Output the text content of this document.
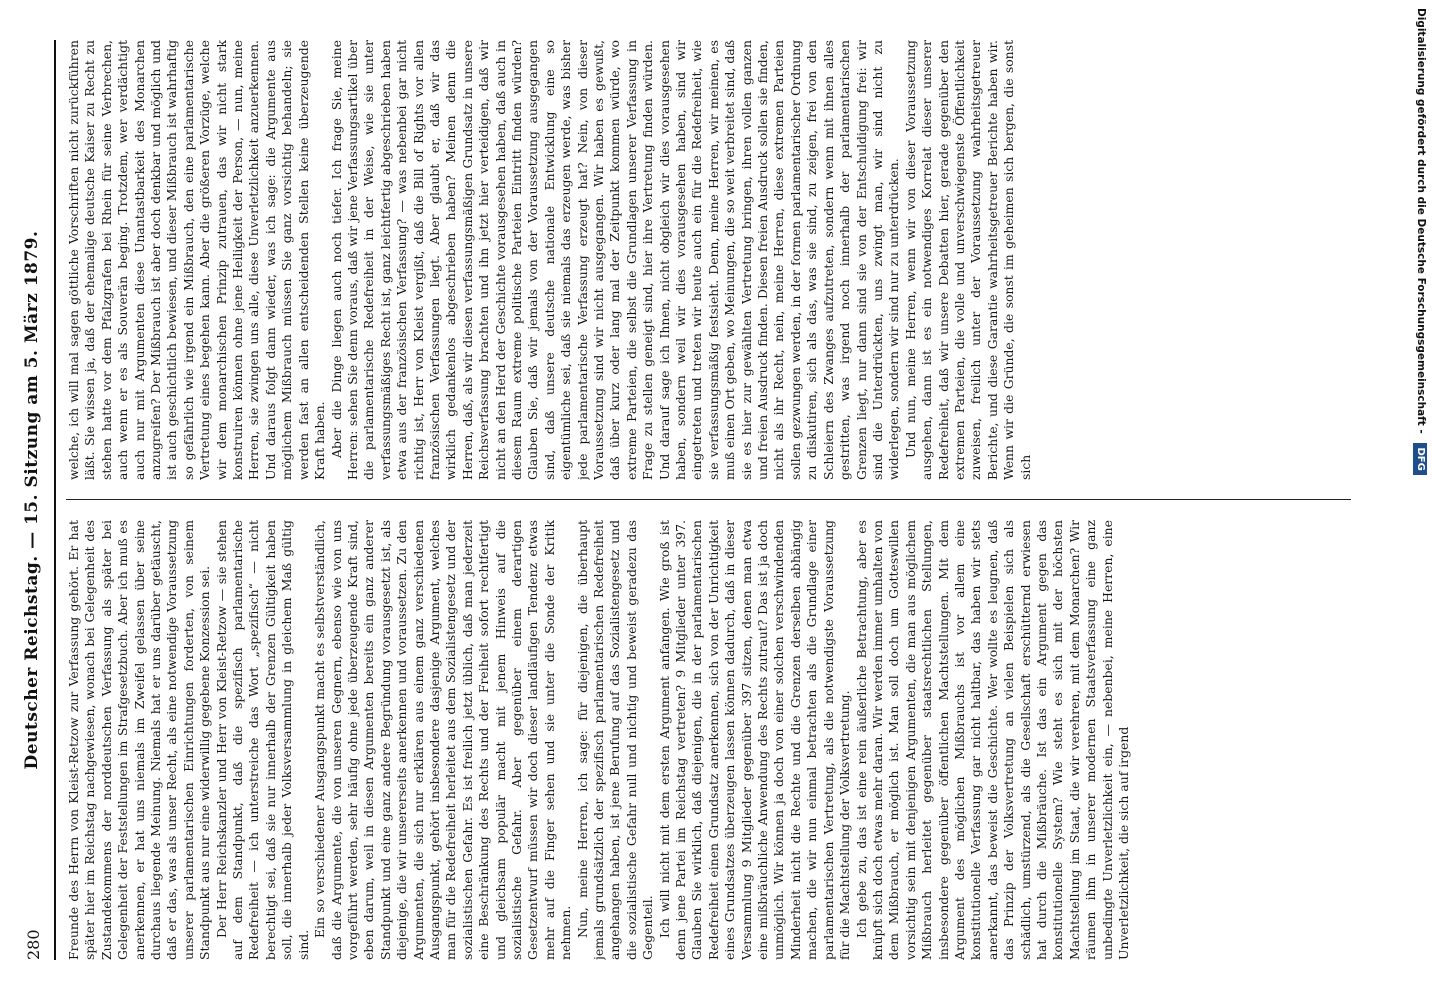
280
Deutscher Reichstag. — 15. Sitzung am 5. März 1879. Freunde des Herrn von Kleist-Retzow zur Verfassung gehört. Er hat später hier im Reichstag nachgewiesen, wonach bei Gelegenheit des Zustandekommens der norddeutschen Verfassung als später bei Gelegenheit der Feststellungen im Strafgesetzbuch. Aber ich muß es anerkennen, er hat uns niemals im Zweifel gelassen über seine durchaus liegende Meinung. Niemals hat er uns darüber getäuscht, daß er das, was als unser Recht, als eine notwendige Voraussetzung unserer parlamentarischen Einrichtungen forderten, von seinem Standpunkt aus nur eine widerwillig gegebene Konzession sei. Der Herr Reichskanzler und Herr von Kleist-Retzow — sie stehen auf dem Standpunkt, daß die spezifisch parlamentarische Redefreiheit — ich unterstreiche das Wort „spezifisch“ — nicht berechtigt sei, daß sie nur innerhalb der Grenzen Gültigkeit haben soll, die innerhalb jeder Volksversammlung in gleichem Maß gültig sind.

Ein so verschiedener Ausgangspunkt macht es selbstverständlich, daß die Argumente, die von unseren Gegnern, ebenso wie von uns vorgeführt werden, sehr häufig ohne jede überzeugende Kraft sind, eben darum, weil in diesen Argumenten bereits ein ganz anderer Standpunkt und eine ganz andere Begründung vorausgesetzt ist, als diejenige, die wir unsererseits anerkennen und voraussetzen. Zu den Argumenten, die sich nur erklären aus einem ganz verschiedenen Ausgangspunkt, gehört insbesondere dasjenige Argument, welches man für die Redefreiheit herleitet aus dem Sozialistengesetz und der sozialistischen Gefahr. Es ist freilich jetzt üblich, daß man jederzeit eine Beschränkung des Rechts und der Freiheit sofort rechtfertigt und gleichsam populär macht mit jenem Hinweis auf die sozialistische Gefahr. Aber gegenüber einem derartigen Gesetzentwurf müssen wir doch dieser landläufigen Tendenz etwas mehr auf die Finger sehen und sie unter die Sonde der Kritik nehmen. Nun, meine Herren, ich sage: für diejenigen, die überhaupt jemals grundsätzlich der spezifisch parlamentarischen Redefreiheit angehangen haben, ist jene Berufung auf das Sozialistengesetz und die sozialistische Gefahr null und nichtig und beweist geradezu das Gegenteil. Ich will nicht mit dem ersten Argument anfangen. Wie groß ist denn jene Partei im Reichstag vertreten? 9 Mitglieder unter 397. Glauben Sie wirklich, daß diejenigen, die in der parlamentarischen Redefreiheit einen Grundsatz anerkennen, sich von der Unrichtigkeit eines Grundsatzes überzeugen lassen können dadurch, daß in dieser Versammlung 9 Mitglieder gegenüber 397 sitzen, denen man etwa eine mißbräuchliche Anwendung des Rechts zutraut? Das ist ja doch unmöglich. Wir können ja doch von einer solchen verschwindenden Minderheit nicht die Rechte und die Grenzen derselben abhängig machen, die wir nun einmal betrachten als die Grundlage einer parlamentarischen Vertretung, als die notwendigste Voraussetzung für die Machtstellung der Volksvertretung. Ich gebe zu, das ist eine rein äußerliche Betrachtung, aber es knüpft sich doch etwas mehr daran. Wir werden immer umhalten von dem Mißbrauch, er möglich ist. Man soll doch um Gotteswillen vorsichtig sein mit denjenigen Argumenten, die man aus möglichem Mißbrauch herleitet gegenüber staatsrechtlichen Stellungen, insbesondere gegenüber öffentlichen Machtstellungen. Mit dem Argument des möglichen Mißbrauchs ist vor allem eine konstitutionelle Verfassung gar nicht haltbar, das haben wir stets anerkannt, das beweist die Geschichte. Wer wollte es leugnen, daß das Prinzip der Volksvertretung an vielen Beispielen sich als schädlich, umstürzend, als die Gesellschaft erschütternd erwiesen hat durch die Mißbräuche. Ist das ein Argument gegen das konstitutionelle System? Wie steht es sich mit der höchsten Machtstellung im Staat, die wir verehren, mit dem Monarchen? Wir räumen ihm in unserer modernen Staatsverfassung eine ganz unbedingte Unverletzlichkeit ein, — nebenbei, meine Herren, eine Unverletzlichkeit, die sich auf irgend

welche, ich will mal sagen göttliche Vorschriften nicht zurückführen läßt. Sie wissen ja, daß der ehemalige deutsche Kaiser zu Recht zu stehen hatte vor dem Pfalzgrafen bei Rhein für seine Verbrechen, auch wenn er es als Souverän beging. Trotzdem, wer verdächtigt auch nur mit Argumenten diese Unantastbarkeit des Monarchen anzugreifen? Der Mißbrauch ist aber doch denkbar und möglich und ist auch geschichtlich bewiesen, und dieser Mißbrauch ist wahrhaftig so gefährlich wie irgend ein Mißbrauch, den eine parlamentarische Vertretung eines begehen kann. Aber die größeren Vorzüge, welche wir dem monarchischen Prinzip zutrauen, das wir nicht stark konstruiren können ohne jene Heiligkeit der Person, — nun, meine Herren, sie zwingen uns alle, diese Unverletzlichkeit anzuerkennen. Und daraus folgt dann wieder, was ich sage: die Argumente aus möglichem Mißbrauch müssen Sie ganz vorsichtig behandeln; sie werden fast an allen entscheidenden Stellen keine überzeugende Kraft haben. Aber die Dinge liegen auch noch tiefer. Ich frage Sie, meine Herren: sehen Sie denn voraus, daß wir jene Verfassungsartikel über die parlamentarische Redefreiheit in der Weise, wie sie unter verfassungsmäßiges Recht ist, ganz leichtfertig abgeschrieben haben etwa aus der französischen Verfassung? — was nebenbei gar nicht richtig ist, Herr von Kleist vergißt, daß die Bill of Rights vor allen französischen Verfassungen liegt. Aber glaubt er, daß wir das wirklich gedankenlos abgeschrieben haben? Meinen denn die Herren, daß, als wir diesen verfassungsmäßigen Grundsatz in unsere Reichsverfassung brachten und ihn jetzt hier verteidigen, daß wir nicht an den Herd der Geschichte vorausgesehen haben, daß auch in diesem Raum extreme politische Parteien Eintritt finden würden? Glauben Sie, daß wir jemals von der Voraussetzung ausgegangen sind, daß unsere deutsche nationale Entwicklung eine so eigentümliche sei, daß sie niemals das erzeugen werde, was bisher jede parlamentarische Verfassung erzeugt hat? Nein, von dieser Voraussetzung sind wir nicht ausgegangen. Wir haben es gewußt, daß über kurz oder lang mal der Zeitpunkt kommen würde, wo extreme Parteien, die selbst die Grundlagen unserer Verfassung in Frage zu stellen geneigt sind, hier ihre Vertretung finden würden. Und darauf sage ich Ihnen, nicht obgleich wir dies vorausgesehen haben, sondern weil wir dies vorausgesehen haben, sind wir eingetreten und treten wir heute auch ein für die Redefreiheit, wie sie verfassungsmäßig festsieht. Denn, meine Herren, wir meinen, es muß einen Ort geben, wo Meinungen, die so weit verbreitet sind, daß sie es hier zur gewählten Vertretung bringen, ihren vollen ganzen und freien Ausdruck finden. Diesen freien Ausdruck sollen sie finden, nicht als ihr Recht, nein, meine Herren, diese extremen Parteien sollen gezwungen werden, in der formen parlamentarischer Ordnung zu diskutiren, sich als das, was sie sind, zu zeigen, frei von den Schleiern des Zwanges aufzutreten, sondern wenn mit ihnen alles gestritten, was irgend noch innerhalb der parlamentarischen Grenzen liegt, nur dann sind sie von der Entschuldigung frei: wir sind die Unterdrückten, uns zwingt man, wir sind nicht zu widerlegen, sondern wir sind nur zu unterdrücken. Und nun, meine Herren, wenn wir von dieser Voraussetzung ausgehen, dann ist es ein notwendiges Korrelat dieser unserer Redefreiheit, daß wir unsere Debatten hier, gerade gegenüber den extremen Parteien, die volle und unverschwiegenste Öffentlichkeit zuweisen, freilich unter der Voraussetzung wahrheitsgetreuer Berichte, und diese Garantie wahrheitsgetreuer Berichte haben wir. Wenn wir die Gründe, die sonst im geheimen sich bergen, die sonst sich

Digitalisierung gefördert durch die Deutsche Forschungsgemeinschaft - DFG
